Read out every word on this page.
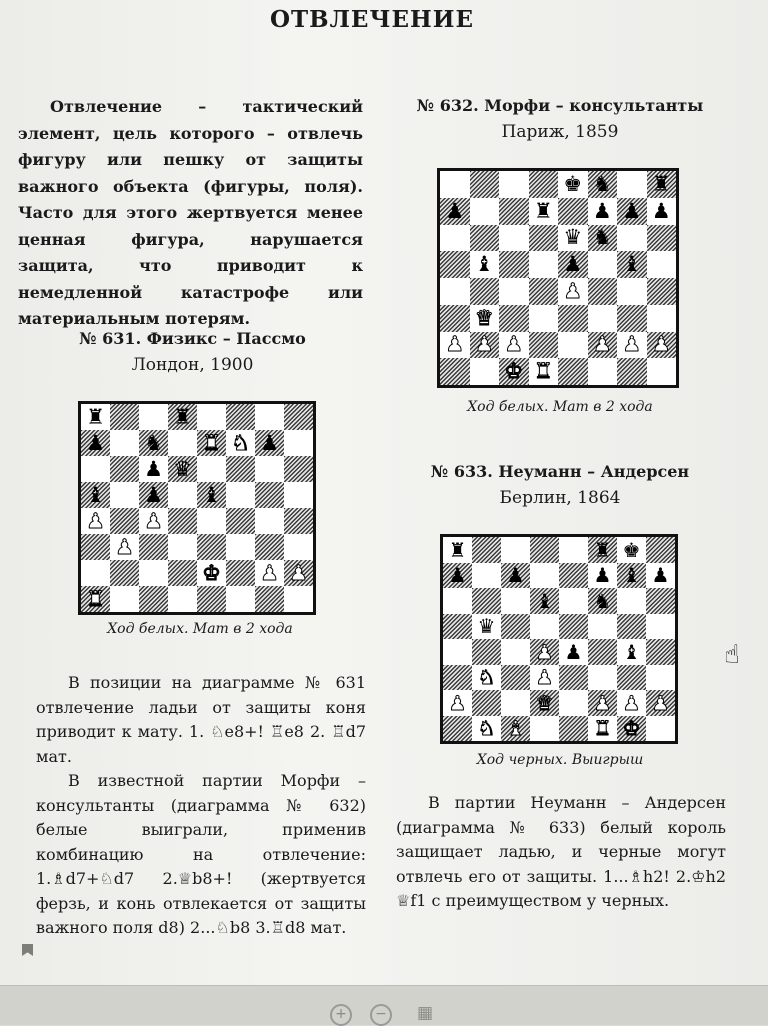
ОТВЛЕЧЕНИЕ
Отвлечение – тактический элемент, цель которого – отвлечь фигуру или пешку от защиты важного объекта (фигуры, поля). Часто для этого жертвуется менее ценная фигура, нарушается защита, что приводит к немедленной катастрофе или материальным потерям.
№ 631. Физикс – Пассмо
Лондон, 1900
♜	♜
♟ ♞ ♜ ♞ ♟
♟ ♛
♝ ♟ ♝
♟ ♟
♟
♚ ♟ ♟
♜
Ход белых. Мат в 2 хода
№ 632. Морфи – консультанты
Париж, 1859
♚ ♞ ♜
♟	♜ ♟ ♟ ♟
♛ ♞
♝	♟ ♝
♟
♛
♟ ♟ ♟	♟ ♟ ♟
♚ ♜
Ход белых. Мат в 2 хода
№ 633. Неуманн – Андерсен
Берлин, 1864
♜	♜ ♚
♟ ♟	♟ ♝ ♟
♝ ♞
♛
♟ ♟ ♝
♞ ♟
♟	♛ ♟ ♟ ♟
♞ ♝	♜ ♚
Ход черных. Выигрыш

В позиции на диаграмме № 631 отвлечение ладьи от защиты коня приводит к мату. 1. ♘e8+! ♖e8 2. ♖d7 мат.

В известной партии Морфи – консультанты (диаграмма № 632) белые выиграли, применив комбинацию на отвлечение: 1.♗d7+♘d7 2.♕b8+! (жертвуется ферзь, и конь отвлекается от защиты важного поля d8) 2...♘b8 3.♖d8 мат.

В партии Неуманн – Андерсен (диаграмма № 633) белый король защищает ладью, и черные могут отвлечь его от защиты. 1...♗h2! 2.♔h2 ♕f1 с преимуществом у черных.

☝
+	−	▦
